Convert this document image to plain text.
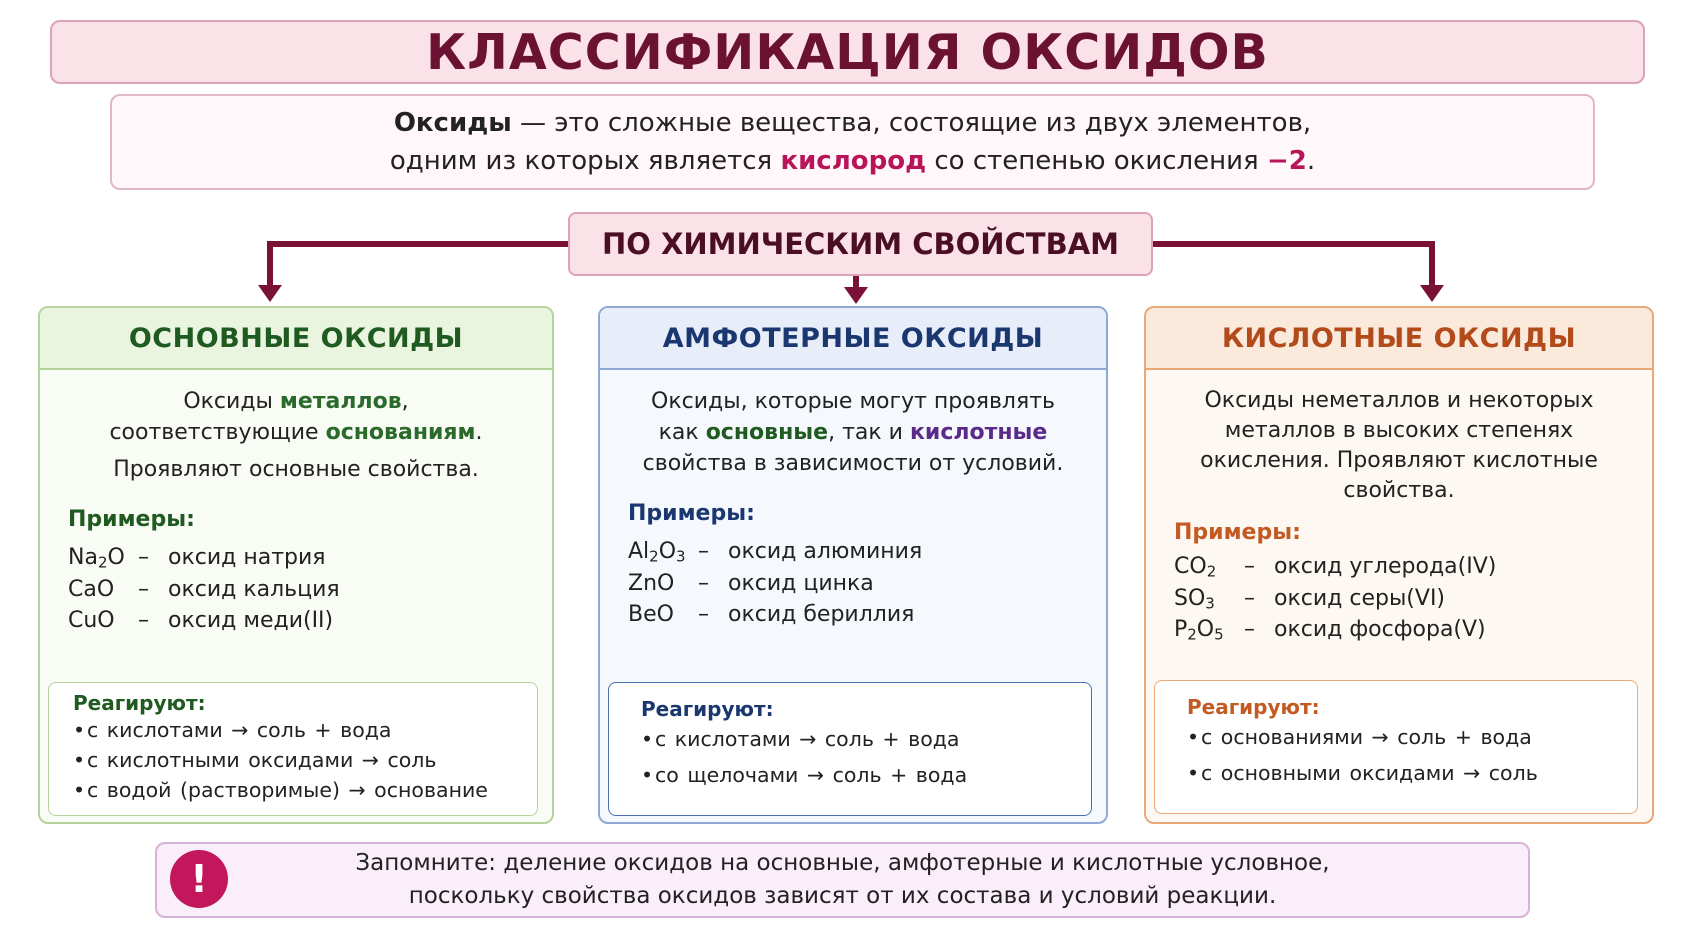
КЛАССИФИКАЦИЯ ОКСИДОВ
Оксиды — это сложные вещества, состоящие из двух элементов,
одним из которых является кислород со степенью окисления −2.
ПО ХИМИЧЕСКИМ СВОЙСТВАМ
ОСНОВНЫЕ ОКСИДЫ
Оксиды металлов,
соответствующие основаниям.
Проявляют основные свойства.
Примеры:
$Na_2O$ – оксид натрия
CaO	– оксид кальция
CuO	– оксид меди(II)
Реагируют:
•с кислотами → соль + вода
•с кислотными оксидами → соль
•с водой (растворимые) → основание
АМФОТЕРНЫЕ ОКСИДЫ
Оксиды, которые могут проявлять
как основные, так и кислотные
свойства в зависимости от условий.
Примеры:
$Al_2O_3$ – оксид алюминия
ZnO	– оксид цинка
BeO	– оксид бериллия
Реагируют:
•с кислотами → соль + вода
•со щелочами → соль + вода
КИСЛОТНЫЕ ОКСИДЫ
Оксиды неметаллов и некоторых
металлов в высоких степенях
окисления. Проявляют кислотные
свойства.
Примеры:
$CO_2$	– оксид углерода(IV)
$SO_3$	– оксид серы(VI)
$P_2O_5$ – оксид фосфора(V)
Реагируют:
•с основаниями → соль + вода
•с основными оксидами → соль
Запомните: деление оксидов на основные, амфотерные и кислотные условное,
поскольку свойства оксидов зависят от их состава и условий реакции.
!
